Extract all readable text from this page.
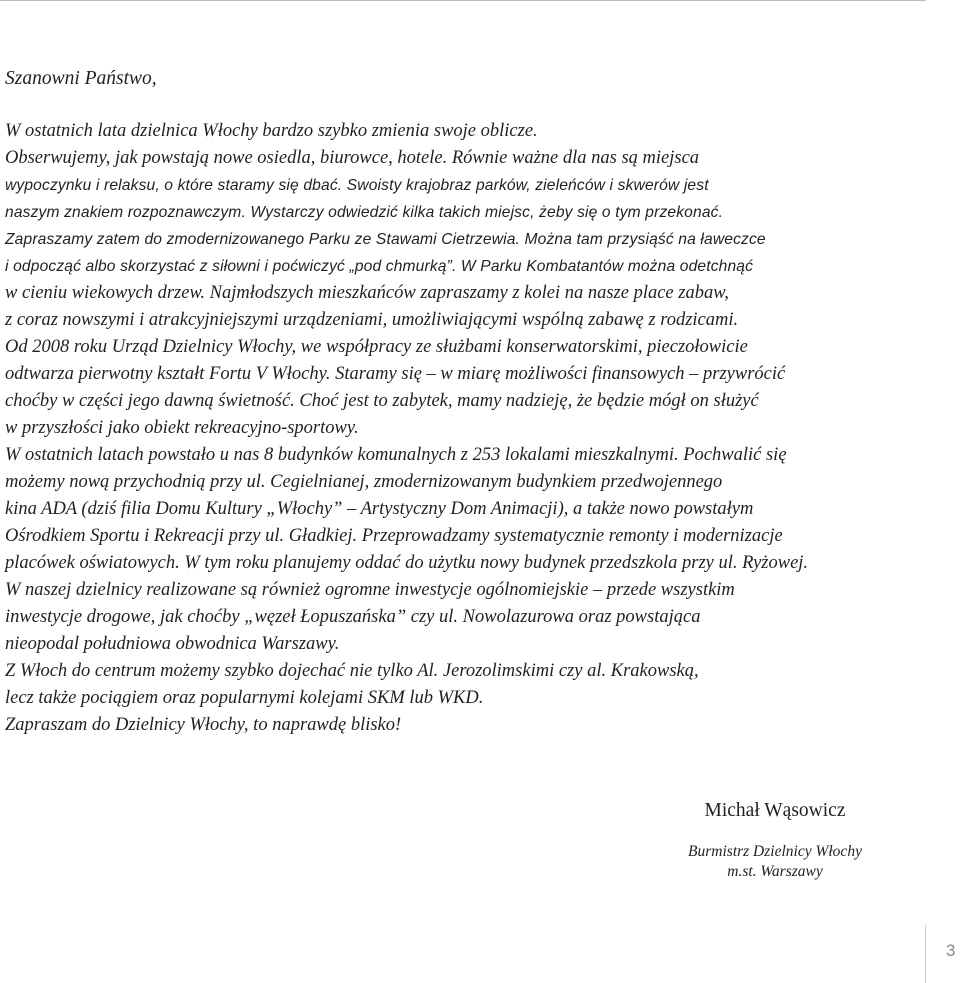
Szanowni Państwo,
W ostatnich lata dzielnica Włochy bardzo szybko zmienia swoje oblicze.
Obserwujemy, jak powstają nowe osiedla, biurowce, hotele. Równie ważne dla nas są miejsca
wypoczynku i relaksu, o które staramy się dbać. Swoisty krajobraz parków, zieleńców i skwerów jest
naszym znakiem rozpoznawczym. Wystarczy odwiedzić kilka takich miejsc, żeby się o tym przekonać.
Zapraszamy zatem do zmodernizowanego Parku ze Stawami Cietrzewia. Można tam przysiąść na ławeczce
i odpocząć albo skorzystać z siłowni i poćwiczyć „pod chmurką”. W Parku Kombatantów można odetchnąć
w cieniu wiekowych drzew. Najmłodszych mieszkańców zapraszamy z kolei na nasze place zabaw,
z coraz nowszymi i atrakcyjniejszymi urządzeniami, umożliwiającymi wspólną zabawę z rodzicami.
Od 2008 roku Urząd Dzielnicy Włochy, we współpracy ze służbami konserwatorskimi, pieczołowicie
odtwarza pierwotny kształt Fortu V Włochy. Staramy się – w miarę możliwości finansowych – przywrócić
choćby w części jego dawną świetność. Choć jest to zabytek, mamy nadzieję, że będzie mógł on służyć
w przyszłości jako obiekt rekreacyjno-sportowy.
W ostatnich latach powstało u nas 8 budynków komunalnych z 253 lokalami mieszkalnymi. Pochwalić się
możemy nową przychodnią przy ul. Cegielnianej, zmodernizowanym budynkiem przedwojennego
kina ADA (dziś filia Domu Kultury „Włochy” – Artystyczny Dom Animacji), a także nowo powstałym
Ośrodkiem Sportu i Rekreacji przy ul. Gładkiej. Przeprowadzamy systematycznie remonty i modernizacje
placówek oświatowych. W tym roku planujemy oddać do użytku nowy budynek przedszkola przy ul. Ryżowej.
W naszej dzielnicy realizowane są również ogromne inwestycje ogólnomiejskie – przede wszystkim
inwestycje drogowe, jak choćby „węzeł Łopuszańska” czy ul. Nowolazurowa oraz powstająca
nieopodal południowa obwodnica Warszawy.
Z Włoch do centrum możemy szybko dojechać nie tylko Al. Jerozolimskimi czy al. Krakowską,
lecz także pociągiem oraz popularnymi kolejami SKM lub WKD.
Zapraszam do Dzielnicy Włochy, to naprawdę blisko!
Michał Wąsowicz
Burmistrz Dzielnicy Włochy
m.st. Warszawy
3
